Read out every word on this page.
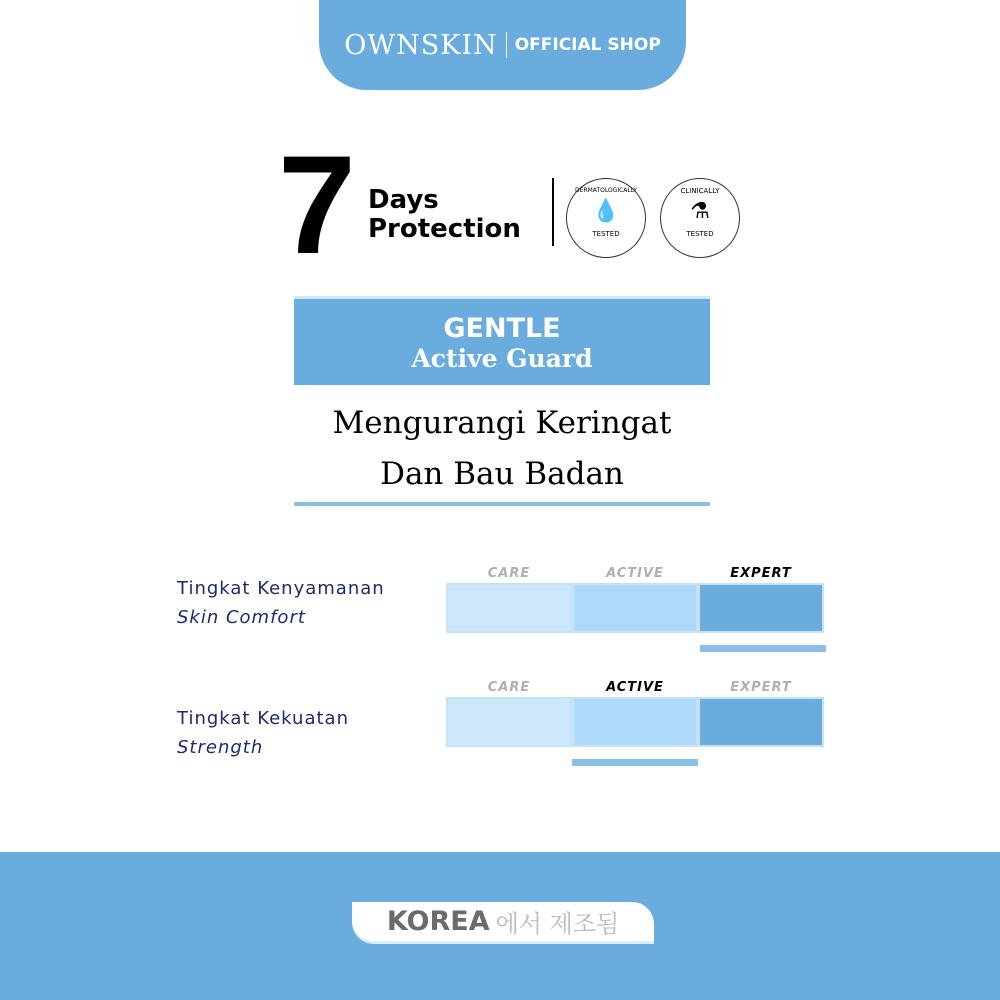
OWNSKIN OFFICIAL SHOP
7 Days
Protection
DERMATOLOGICALLY
💧
TESTED
CLINICALLY
⚗
TESTED
GENTLE
Active Guard
Mengurangi Keringat
Dan Bau Badan
Tingkat Kenyamanan
Skin Comfort
CARE	ACTIVE	EXPERT
Tingkat Kekuatan
Strength
CARE	ACTIVE	EXPERT
KOREA 에서 제조됨
